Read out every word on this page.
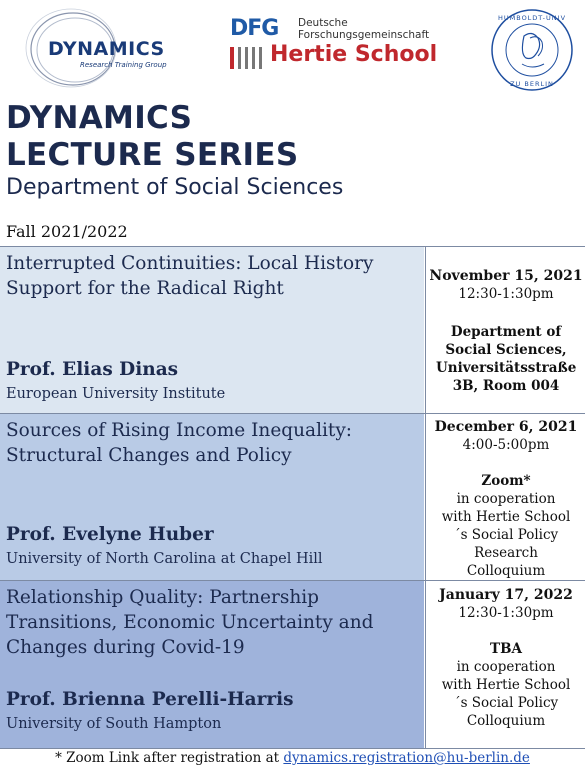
DYNAMICS
Research Training Group
DFG Deutsche
Forschungsgemeinschaft
Hertie School
HUMBOLDT-UNIV
ZU BERLIN
DYNAMICS
LECTURE SERIES
Department of Social Sciences
Fall 2021/2022
Interrupted Continuities: Local History Support for the Radical Right
Prof. Elias Dinas
European University Institute
November 15, 2021
12:30-1:30pm
Department of Social Sciences, Universitätsstraße 3B, Room 004
Sources of Rising Income Inequality: Structural Changes and Policy
Prof. Evelyne Huber
University of North Carolina at Chapel Hill
December 6, 2021
4:00-5:00pm
Zoom*
in cooperation with Hertie School´s Social Policy Research Colloquium
Relationship Quality: Partnership Transitions, Economic Uncertainty and Changes during Covid-19
Prof. Brienna Perelli-Harris
University of South Hampton
January 17, 2022
12:30-1:30pm
TBA
in cooperation with Hertie School´s Social Policy Colloquium
* Zoom Link after registration at dynamics.registration@hu-berlin.de
